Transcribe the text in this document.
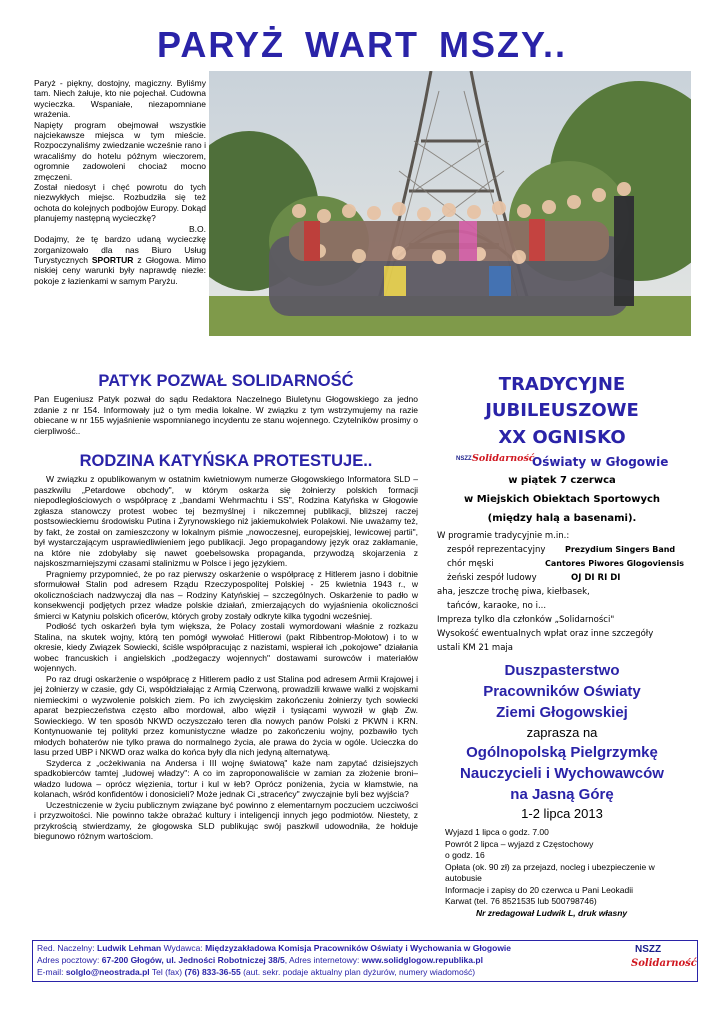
PARYŻ WART MSZY..

Paryż - piękny, dostojny, magiczny. Byliśmy tam. Niech żałuje, kto nie pojechał. Cudowna wycieczka. Wspaniałe, niezapomniane wrażenia.

Napięty program obejmował wszystkie najciekawsze miejsca w tym mieście. Rozpoczynaliśmy zwiedzanie wcześnie rano i wracaliśmy do hotelu późnym wieczorem, ogromnie zadowoleni chociaż mocno zmęczeni.

Został niedosyt i chęć powrotu do tych niezwykłych miejsc. Rozbudziła się też ochota do kolejnych podbojów Europy. Dokąd planujemy następną wycieczkę?

B.O.

Dodajmy, że tę bardzo udaną wycieczkę zorganizowało dla nas Biuro Usług Turystycznych SPORTUR z Głogowa. Mimo niskiej ceny warunki były naprawdę niezłe: pokoje z łazienkami w samym Paryżu.

PATYK POZWAŁ SOLIDARNOŚĆ
Pan Eugeniusz Patyk pozwał do sądu Redaktora Naczelnego Biuletynu Głogowskiego za jedno zdanie z nr 154. Informowały już o tym media lokalne. W związku z tym wstrzymujemy na razie obiecane w nr 155 wyjaśnienie wspomnianego incydentu ze stanu wojennego. Czytelników prosimy o cierpliwość..
RODZINA KATYŃSKA PROTESTUJE..

W związku z opublikowanym w ostatnim kwietniowym numerze Głogowskiego Informatora SLD – paszkwilu „Petardowe obchody", w którym oskarża się żołnierzy polskich formacji niepodległościowych o współpracę z „bandami Wehrmachtu i SS", Rodzina Katyńska w Głogowie zgłasza stanowczy protest wobec tej bezmyślnej i nikczemnej publikacji, bliższej raczej postsowieckiemu środowisku Putina i Żyrynowskiego niż jakiemukolwiek Polakowi. Nie uważamy też, by fakt, że został on zamieszczony w lokalnym piśmie „nowoczesnej, europejskiej, lewicowej partii", był wystarczającym usprawiedliwieniem jego publikacji. Jego propagandowy język oraz zakłamanie, na które nie zdobyłaby się nawet goebelsowska propaganda, przywodzą skojarzenia z najskoszmarniejszymi czasami stalinizmu w Polsce i jego językiem.

Pragniemy przypomnieć, że po raz pierwszy oskarżenie o współpracę z Hitlerem jasno i dobitnie sformułował Stalin pod adresem Rządu Rzeczypospolitej Polskiej - 25 kwietnia 1943 r., w okolicznościach nadzwyczaj dla nas – Rodziny Katyńskiej – szczególnych. Oskarżenie to padło w konsekwencji podjętych przez władze polskie działań, zmierzających do wyjaśnienia okoliczności śmierci w Katyniu polskich oficerów, których groby zostały odkryte kilka tygodni wcześniej.

Podłość tych oskarżeń była tym większa, że Polacy zostali wymordowani właśnie z rozkazu Stalina, na skutek wojny, którą ten pomógł wywołać Hitlerowi (pakt Ribbentrop-Mołotow) i to w okresie, kiedy Związek Sowiecki, ściśle współpracując z nazistami, wspierał ich „pokojowe" działania wobec francuskich i angielskich „podżegaczy wojennych" dostawami surowców i materiałów wojennych.

Po raz drugi oskarżenie o współpracę z Hitlerem padło z ust Stalina pod adresem Armii Krajowej i jej żołnierzy w czasie, gdy Ci, współdziałając z Armią Czerwoną, prowadzili krwawe walki z wojskami niemieckimi o wyzwolenie polskich ziem. Po ich zwycięskim zakończeniu żołnierzy tych sowiecki aparat bezpieczeństwa często albo mordował, albo więził i tysiącami wywoził w głąb Zw. Sowieckiego. W ten sposób NKWD oczyszczało teren dla nowych panów Polski z PKWN i KRN. Kontynuowanie tej polityki przez komunistyczne władze po zakończeniu wojny, pozbawiło tych młodych bohaterów nie tylko prawa do normalnego życia, ale prawa do życia w ogóle. Ucieczka do lasu przed UBP i NKWD oraz walka do końca były dla nich jedyną alternatywą.

Szyderca z „ocżekiwania na Andersa i III wojnę światową" każe nam zapytać dzisiejszych spadkobierców tamtej „ludowej władzy": A co im zaproponowaliście w zamian za złożenie broni– władzo ludowa – oprócz więzienia, tortur i kul w łeb? Oprócz poniżenia, życia w kłamstwie, na kolanach, wśród konfidentów i donosicieli? Może jednak Ci „straceńcy" zwyczajnie byli bez wyjścia?

Uczestniczenie w życiu publicznym związane być powinno z elementarnym poczuciem uczciwości i przyzwoitości. Nie powinno także obrażać kultury i inteligencji innych jego podmiotów. Niestety, z przykrością stwierdzamy, że głogowska SLD publikując swój paszkwil udowodniła, że hołduje biegunowo różnym wartościom.

TRADYCYJNE
JUBILEUSZOWE
XX OGNISKO
NSZZ Solidarność
Oświaty w Głogowie
w piątek 7 czerwca
w Miejskich Obiektach Sportowych
(między halą a basenami).
W programie tradycyjnie m.in.:
zespół reprezentacyjny Prezydium Singers Band
chór męski	Cantores Piwores Glogoviensis
żeński zespół ludowy	OJ DI RI DI
aha, jeszcze trochę piwa, kiełbasek,
tańców, karaoke, no i...
Impreza tylko dla członków „Solidarności"
Wysokość ewentualnych wpłat oraz inne szczegóły
ustali KM 21 maja
Duszpasterstwo
Pracowników Oświaty
Ziemi Głogowskiej
zaprasza na
Ogólnopolską Pielgrzymkę
Nauczycieli i Wychowawców
na Jasną Górę
1-2 lipca 2013
Wyjazd 1 lipca o godz. 7.00
Powrót 2 lipca – wyjazd z Częstochowy
o godz. 16
Opłata (ok. 90 zł) za przejazd, nocleg i ubezpieczenie w
autobusie
Informacje i zapisy do 20 czerwca u Pani Leokadii
Karwat (tel. 76 8521535 lub 500798746)
Nr zredagował Ludwik L, druk własny
Red. Naczelny: Ludwik Lehman Wydawca: Międzyzakładowa Komisja Pracowników Oświaty i Wychowania w Głogowie
Adres pocztowy: 67-200 Głogów, ul. Jedności Robotniczej 38/5, Adres internetowy: www.solidglogow.republika.pl
E-mail: solglo@neostrada.pl Tel (fax) (76) 833-36-55 (aut. sekr. podaje aktualny plan dyżurów, numery wiadomość)
NSZZ
Solidarność
